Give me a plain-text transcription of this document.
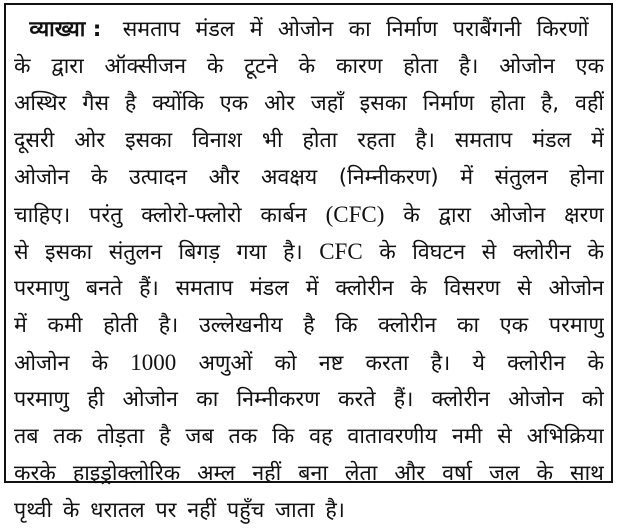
व्याख्या : समताप मंडल में ओजोन का निर्माण पराबैंगनी किरणों
के द्वारा ऑक्सीजन के टूटने के कारण होता है। ओजोन एक
अस्थिर गैस है क्योंकि एक ओर जहाँ इसका निर्माण होता है, वहीं
दूसरी ओर इसका विनाश भी होता रहता है। समताप मंडल में
ओजोन के उत्पादन और अवक्षय (निम्नीकरण) में संतुलन होना
चाहिए। परंतु क्लोरो-फ्लोरो कार्बन (CFC) के द्वारा ओजोन क्षरण
से इसका संतुलन बिगड़ गया है। CFC के विघटन से क्लोरीन के
परमाणु बनते हैं। समताप मंडल में क्लोरीन के विसरण से ओजोन
में कमी होती है। उल्लेखनीय है कि क्लोरीन का एक परमाणु
ओजोन के 1000 अणुओं को नष्ट करता है। ये क्लोरीन के
परमाणु ही ओजोन का निम्नीकरण करते हैं। क्लोरीन ओजोन को
तब तक तोड़ता है जब तक कि वह वातावरणीय नमी से अभिक्रिया
करके हाइड्रोक्लोरिक अम्ल नहीं बना लेता और वर्षा जल के साथ
पृथ्वी के धरातल पर नहीं पहुँच जाता है।
